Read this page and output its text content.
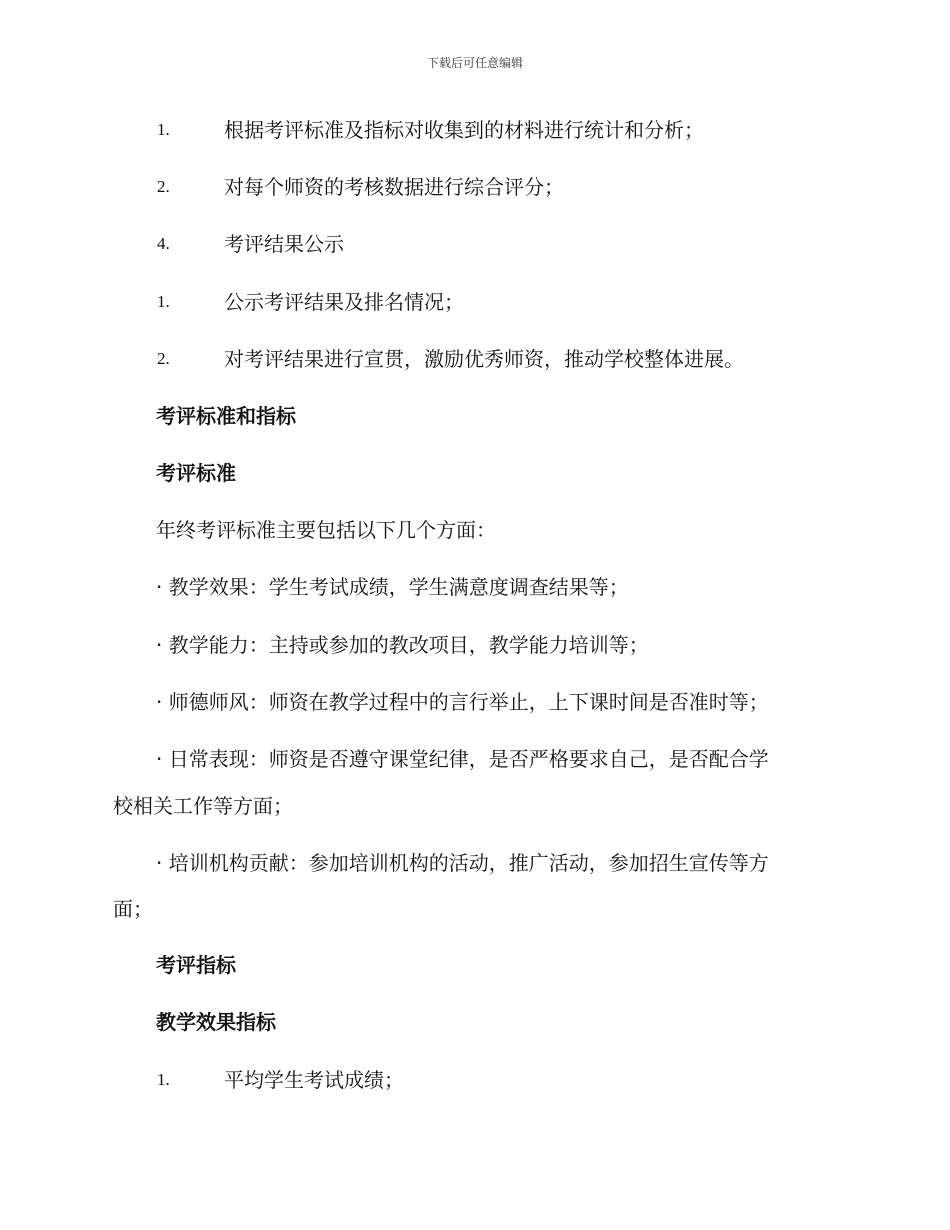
下载后可任意编辑
1.	根据考评标准及指标对收集到的材料进行统计和分析；
2.	对每个师资的考核数据进行综合评分；
4.	考评结果公示
1.	公示考评结果及排名情况；
2.	对考评结果进行宣贯，激励优秀师资，推动学校整体进展。
考评标准和指标
考评标准
年终考评标准主要包括以下几个方面：
· 教学效果：学生考试成绩，学生满意度调查结果等；
· 教学能力：主持或参加的教改项目，教学能力培训等；
· 师德师风：师资在教学过程中的言行举止，上下课时间是否准时等；
· 日常表现：师资是否遵守课堂纪律，是否严格要求自己，是否配合学
校相关工作等方面；
· 培训机构贡献：参加培训机构的活动，推广活动，参加招生宣传等方
面；
考评指标
教学效果指标
1.	平均学生考试成绩；
